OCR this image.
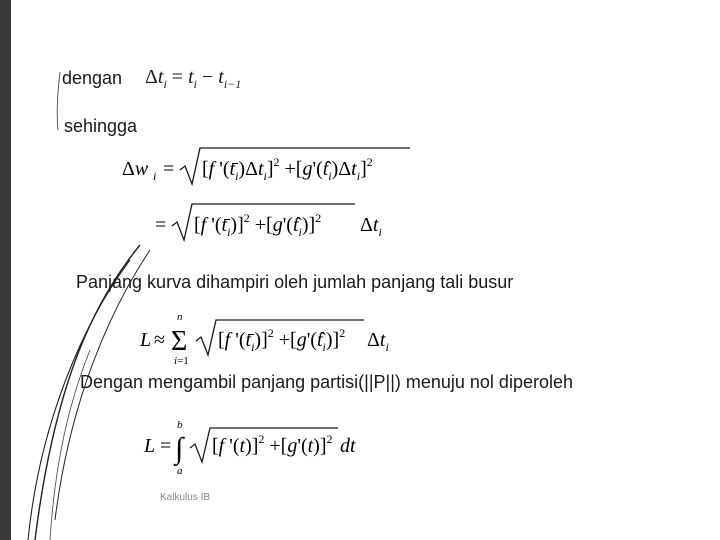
dengan $\Delta t_i = t_i - t_{i-1}$
sehingga
Δw i = [f '$(t_i)\Delta t_i]^2 +[g'(t_i)\Delta t_i]^2$
= [f '$(t_i)]^2 +[g'(t_i)]^2$ $\Delta t_i$
Panjang kurva dihampiri oleh jumlah panjang tali busur
L ≈
n
Σ
i=1
[f '$(t_i)]^2 +[g'(t_i)]^2$ $\Delta t_i$
Dengan mengambil panjang partisi(||P||) menuju nol diperoleh
L =
b
∫
a
[f '$(t)]^2 +[g'(t)]^2$ dt
Kalkulus IB
